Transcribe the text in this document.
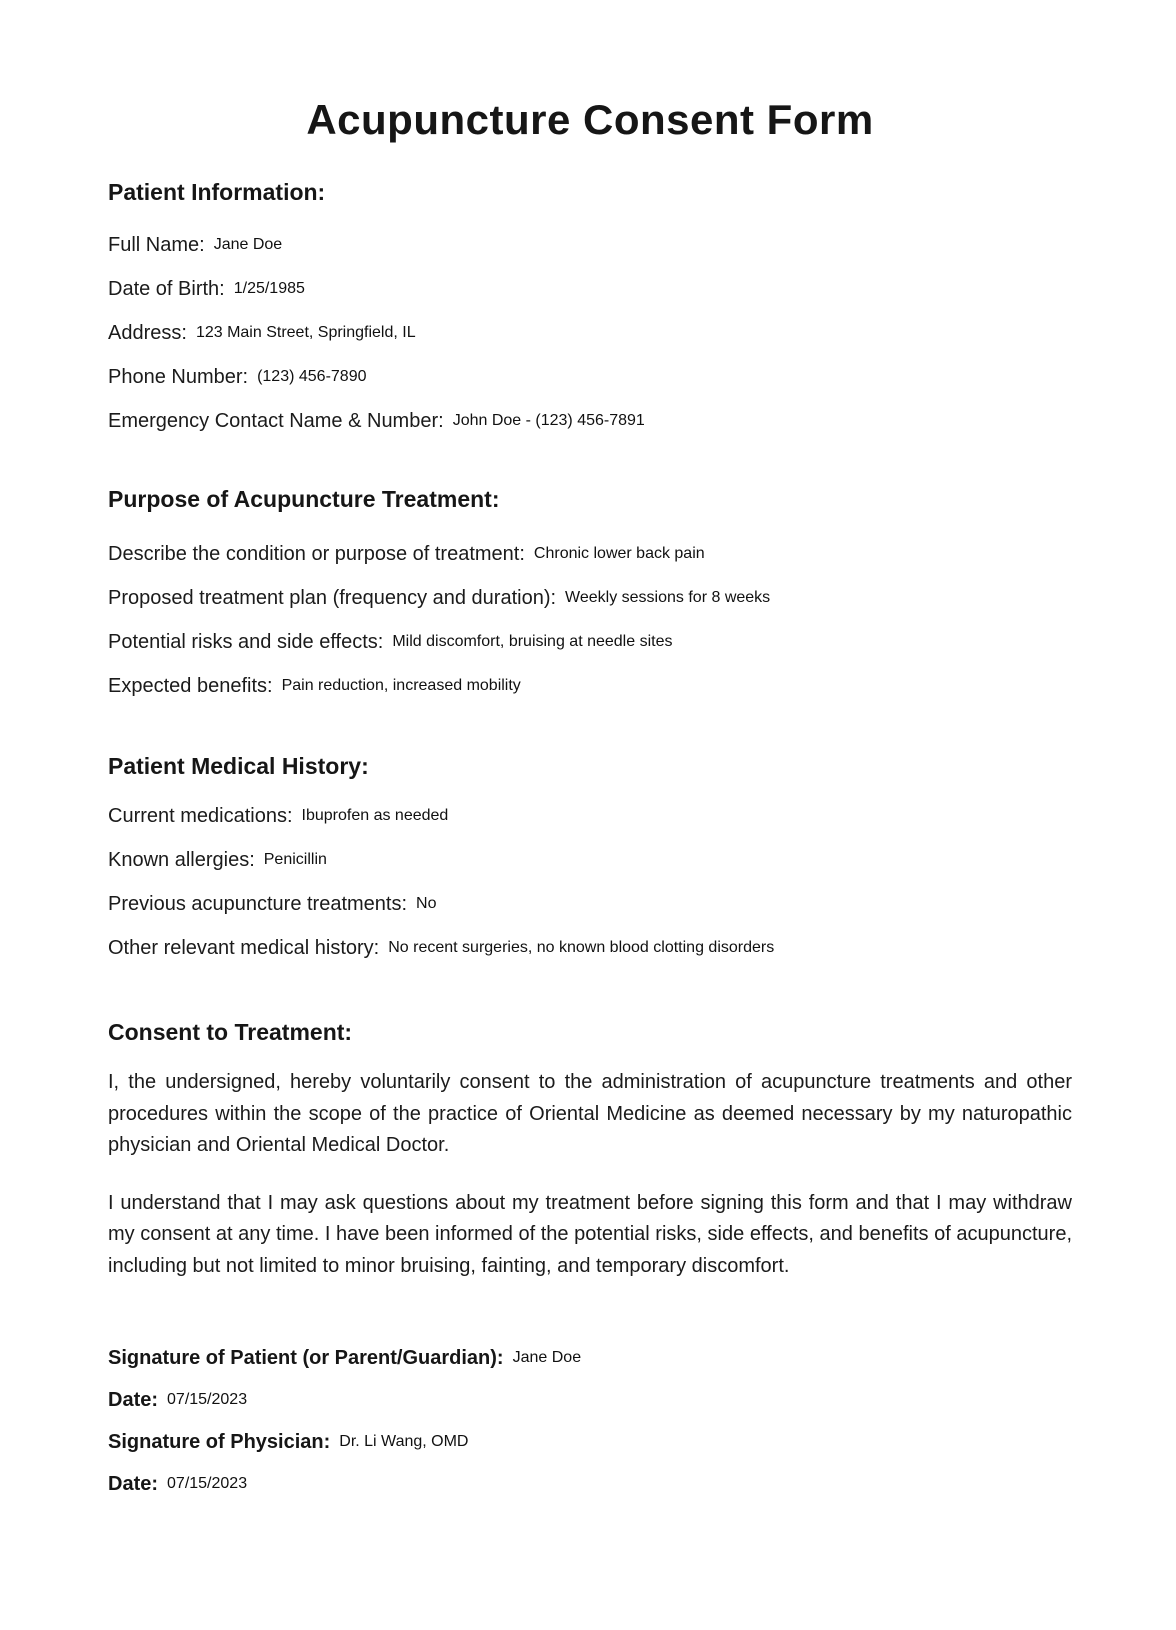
Acupuncture Consent Form
Patient Information:
Full Name: Jane Doe
Date of Birth: 1/25/1985
Address: 123 Main Street, Springfield, IL
Phone Number: (123) 456-7890
Emergency Contact Name & Number: John Doe - (123) 456-7891
Purpose of Acupuncture Treatment:
Describe the condition or purpose of treatment: Chronic lower back pain
Proposed treatment plan (frequency and duration): Weekly sessions for 8 weeks
Potential risks and side effects: Mild discomfort, bruising at needle sites
Expected benefits: Pain reduction, increased mobility
Patient Medical History:
Current medications: Ibuprofen as needed
Known allergies: Penicillin
Previous acupuncture treatments: No
Other relevant medical history: No recent surgeries, no known blood clotting disorders
Consent to Treatment:

I, the undersigned, hereby voluntarily consent to the administration of acupuncture treatments and other procedures within the scope of the practice of Oriental Medicine as deemed necessary by my naturopathic physician and Oriental Medical Doctor.

I understand that I may ask questions about my treatment before signing this form and that I may withdraw my consent at any time. I have been informed of the potential risks, side effects, and benefits of acupuncture, including but not limited to minor bruising, fainting, and temporary discomfort.

Signature of Patient (or Parent/Guardian): Jane Doe
Date: 07/15/2023
Signature of Physician: Dr. Li Wang, OMD
Date: 07/15/2023
